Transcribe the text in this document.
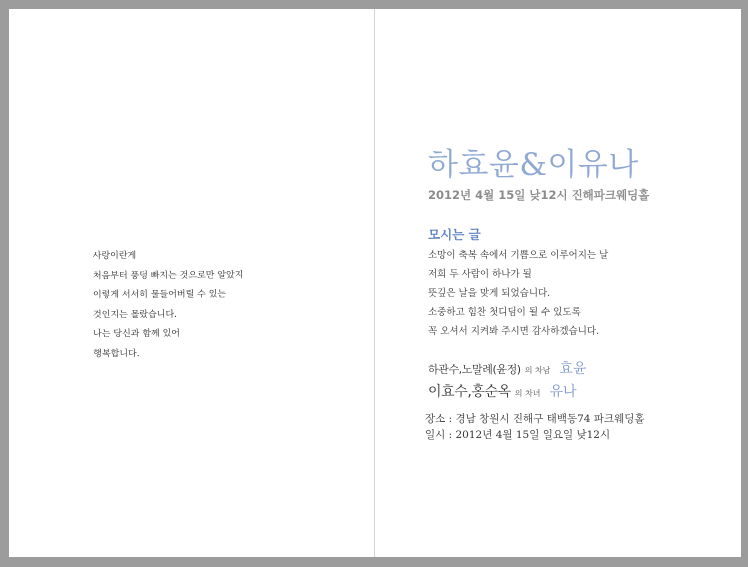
사랑이란게
처음부터 풍덩 빠지는 것으로만 알았지
이렇게 서서히 물들어버릴 수 있는
것인지는 몰랐습니다.
나는 당신과 함께 있어
행복합니다.
하효윤&이유나
2012년 4월 15일 낮12시 진해파크웨딩홀
모시는 글
소망이 축복 속에서 기쁨으로 이루어지는 날
저희 두 사람이 하나가 될
뜻깊은 날을 맞게 되었습니다.
소중하고 힘찬 첫디딤이 될 수 있도록
꼭 오셔서 지켜봐 주시면 감사하겠습니다.
하관수,노말례(윤정) 의 차남 효윤
이효수,홍순옥 의 차녀 유나
장소 : 경남 창원시 진해구 태백동74 파크웨딩홀
일시 : 2012년 4월 15일 일요일 낮12시
